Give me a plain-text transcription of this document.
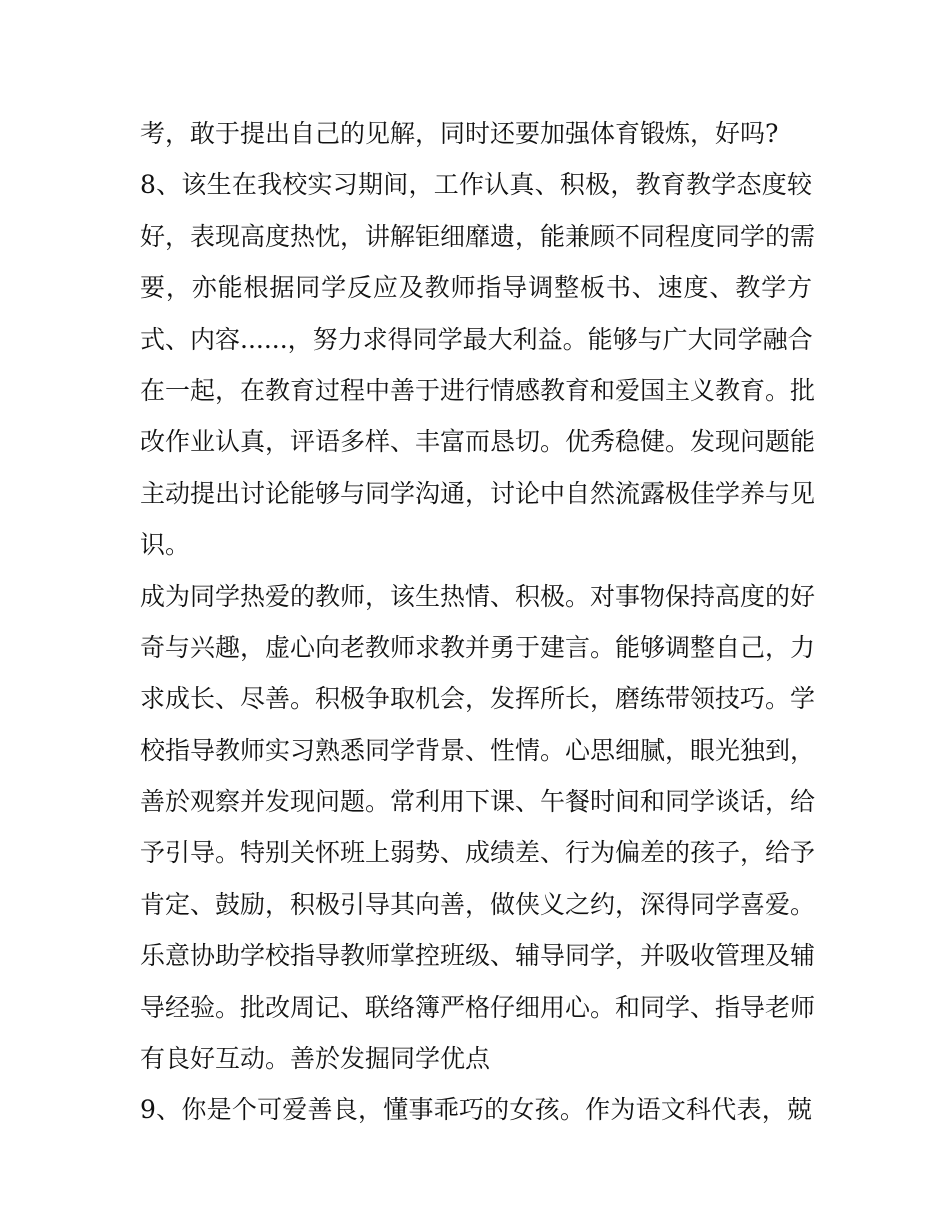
考，敢于提出自己的见解，同时还要加强体育锻炼，好吗?
8、该生在我校实习期间，工作认真、积极，教育教学态度较
好，表现高度热忱，讲解钜细靡遗，能兼顾不同程度同学的需
要，亦能根据同学反应及教师指导调整板书、速度、教学方
式、内容......，努力求得同学最大利益。能够与广大同学融合
在一起，在教育过程中善于进行情感教育和爱国主义教育。批
改作业认真，评语多样、丰富而恳切。优秀稳健。发现问题能
主动提出讨论能够与同学沟通，讨论中自然流露极佳学养与见
识。
成为同学热爱的教师，该生热情、积极。对事物保持高度的好
奇与兴趣，虚心向老教师求教并勇于建言。能够调整自己，力
求成长、尽善。积极争取机会，发挥所长，磨练带领技巧。学
校指导教师实习熟悉同学背景、性情。心思细腻，眼光独到，
善於观察并发现问题。常利用下课、午餐时间和同学谈话，给
予引导。特别关怀班上弱势、成绩差、行为偏差的孩子，给予
肯定、鼓励，积极引导其向善，做侠义之约，深得同学喜爱。
乐意协助学校指导教师掌控班级、辅导同学，并吸收管理及辅
导经验。批改周记、联络簿严格仔细用心。和同学、指导老师
有良好互动。善於发掘同学优点
9、你是个可爱善良，懂事乖巧的女孩。作为语文科代表，兢
